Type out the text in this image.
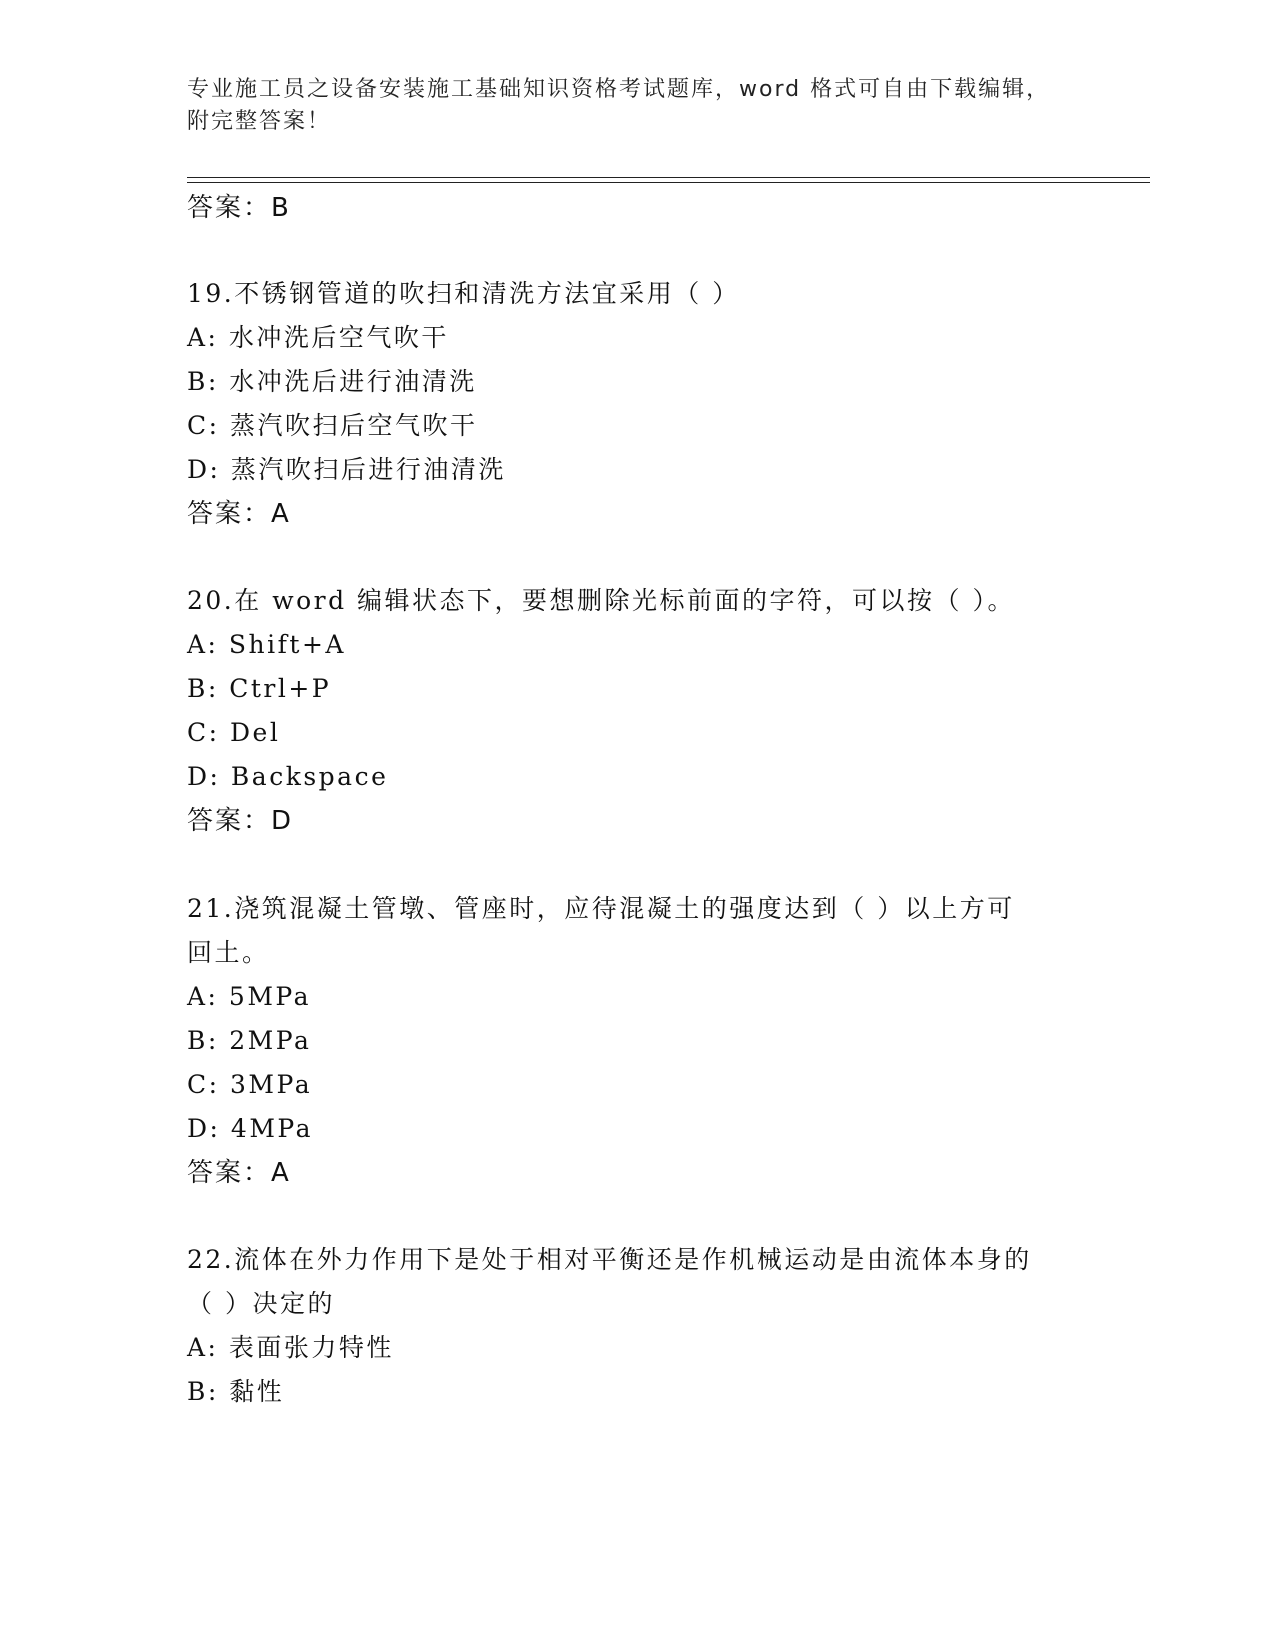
专业施工员之设备安装施工基础知识资格考试题库，word 格式可自由下载编辑，
附完整答案！
答案：B
19.不锈钢管道的吹扫和清洗方法宜采用（ ）
A: 水冲洗后空气吹干
B: 水冲洗后进行油清洗
C: 蒸汽吹扫后空气吹干
D: 蒸汽吹扫后进行油清洗
答案：A
20.在 word 编辑状态下，要想删除光标前面的字符，可以按（ ）。
A: Shift+A
B: Ctrl+P
C: Del
D: Backspace
答案：D
21.浇筑混凝土管墩、管座时，应待混凝土的强度达到（ ）以上方可
回土。
A: 5MPa
B: 2MPa
C: 3MPa
D: 4MPa
答案：A
22.流体在外力作用下是处于相对平衡还是作机械运动是由流体本身的
（ ）决定的
A: 表面张力特性
B: 黏性
